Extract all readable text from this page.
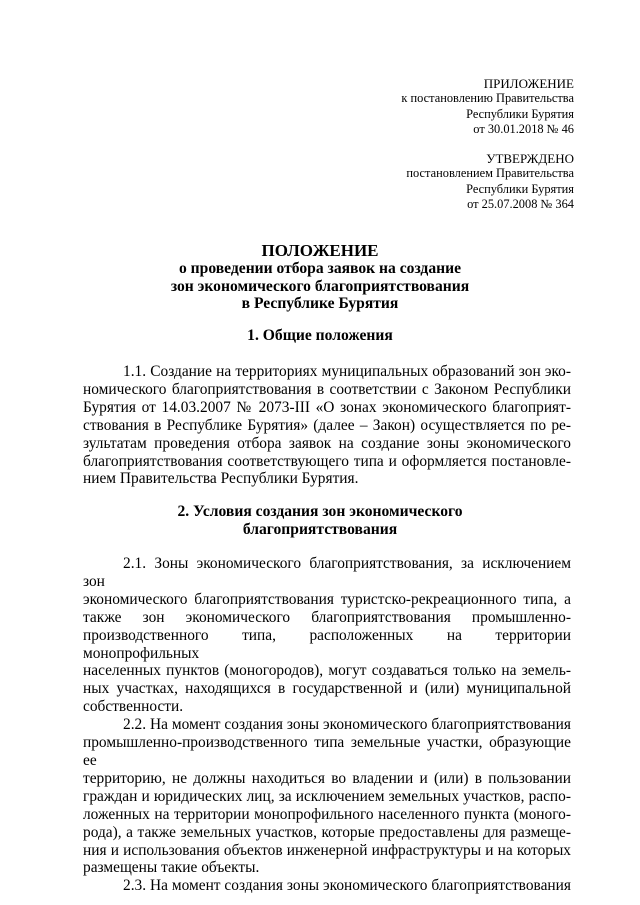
ПРИЛОЖЕНИЕ
к постановлению Правительства
Республики Бурятия
от 30.01.2018 № 46
УТВЕРЖДЕНО
постановлением Правительства
Республики Бурятия
от 25.07.2008 № 364
ПОЛОЖЕНИЕ
о проведении отбора заявок на создание
зон экономического благоприятствования
в Республике Бурятия
1. Общие положения
1.1. Создание на территориях муниципальных образований зон эко-
номического благоприятствования в соответствии с Законом Республики
Бурятия от 14.03.2007 № 2073-III «О зонах экономического благоприят-
ствования в Республике Бурятия» (далее – Закон) осуществляется по ре-
зультатам проведения отбора заявок на создание зоны экономического
благоприятствования соответствующего типа и оформляется постановле-
нием Правительства Республики Бурятия.
2. Условия создания зон экономического
благоприятствования
2.1. Зоны экономического благоприятствования, за исключением зон
экономического благоприятствования туристско-рекреационного типа, а
также зон экономического благоприятствования промышленно-
производственного типа, расположенных на территории монопрофильных
населенных пунктов (моногородов), могут создаваться только на земель-
ных участках, находящихся в государственной и (или) муниципальной
собственности.
2.2. На момент создания зоны экономического благоприятствования
промышленно-производственного типа земельные участки, образующие ее
территорию, не должны находиться во владении и (или) в пользовании
граждан и юридических лиц, за исключением земельных участков, распо-
ложенных на территории монопрофильного населенного пункта (моного-
рода), а также земельных участков, которые предоставлены для размеще-
ния и использования объектов инженерной инфраструктуры и на которых
размещены такие объекты.
2.3. На момент создания зоны экономического благоприятствования
